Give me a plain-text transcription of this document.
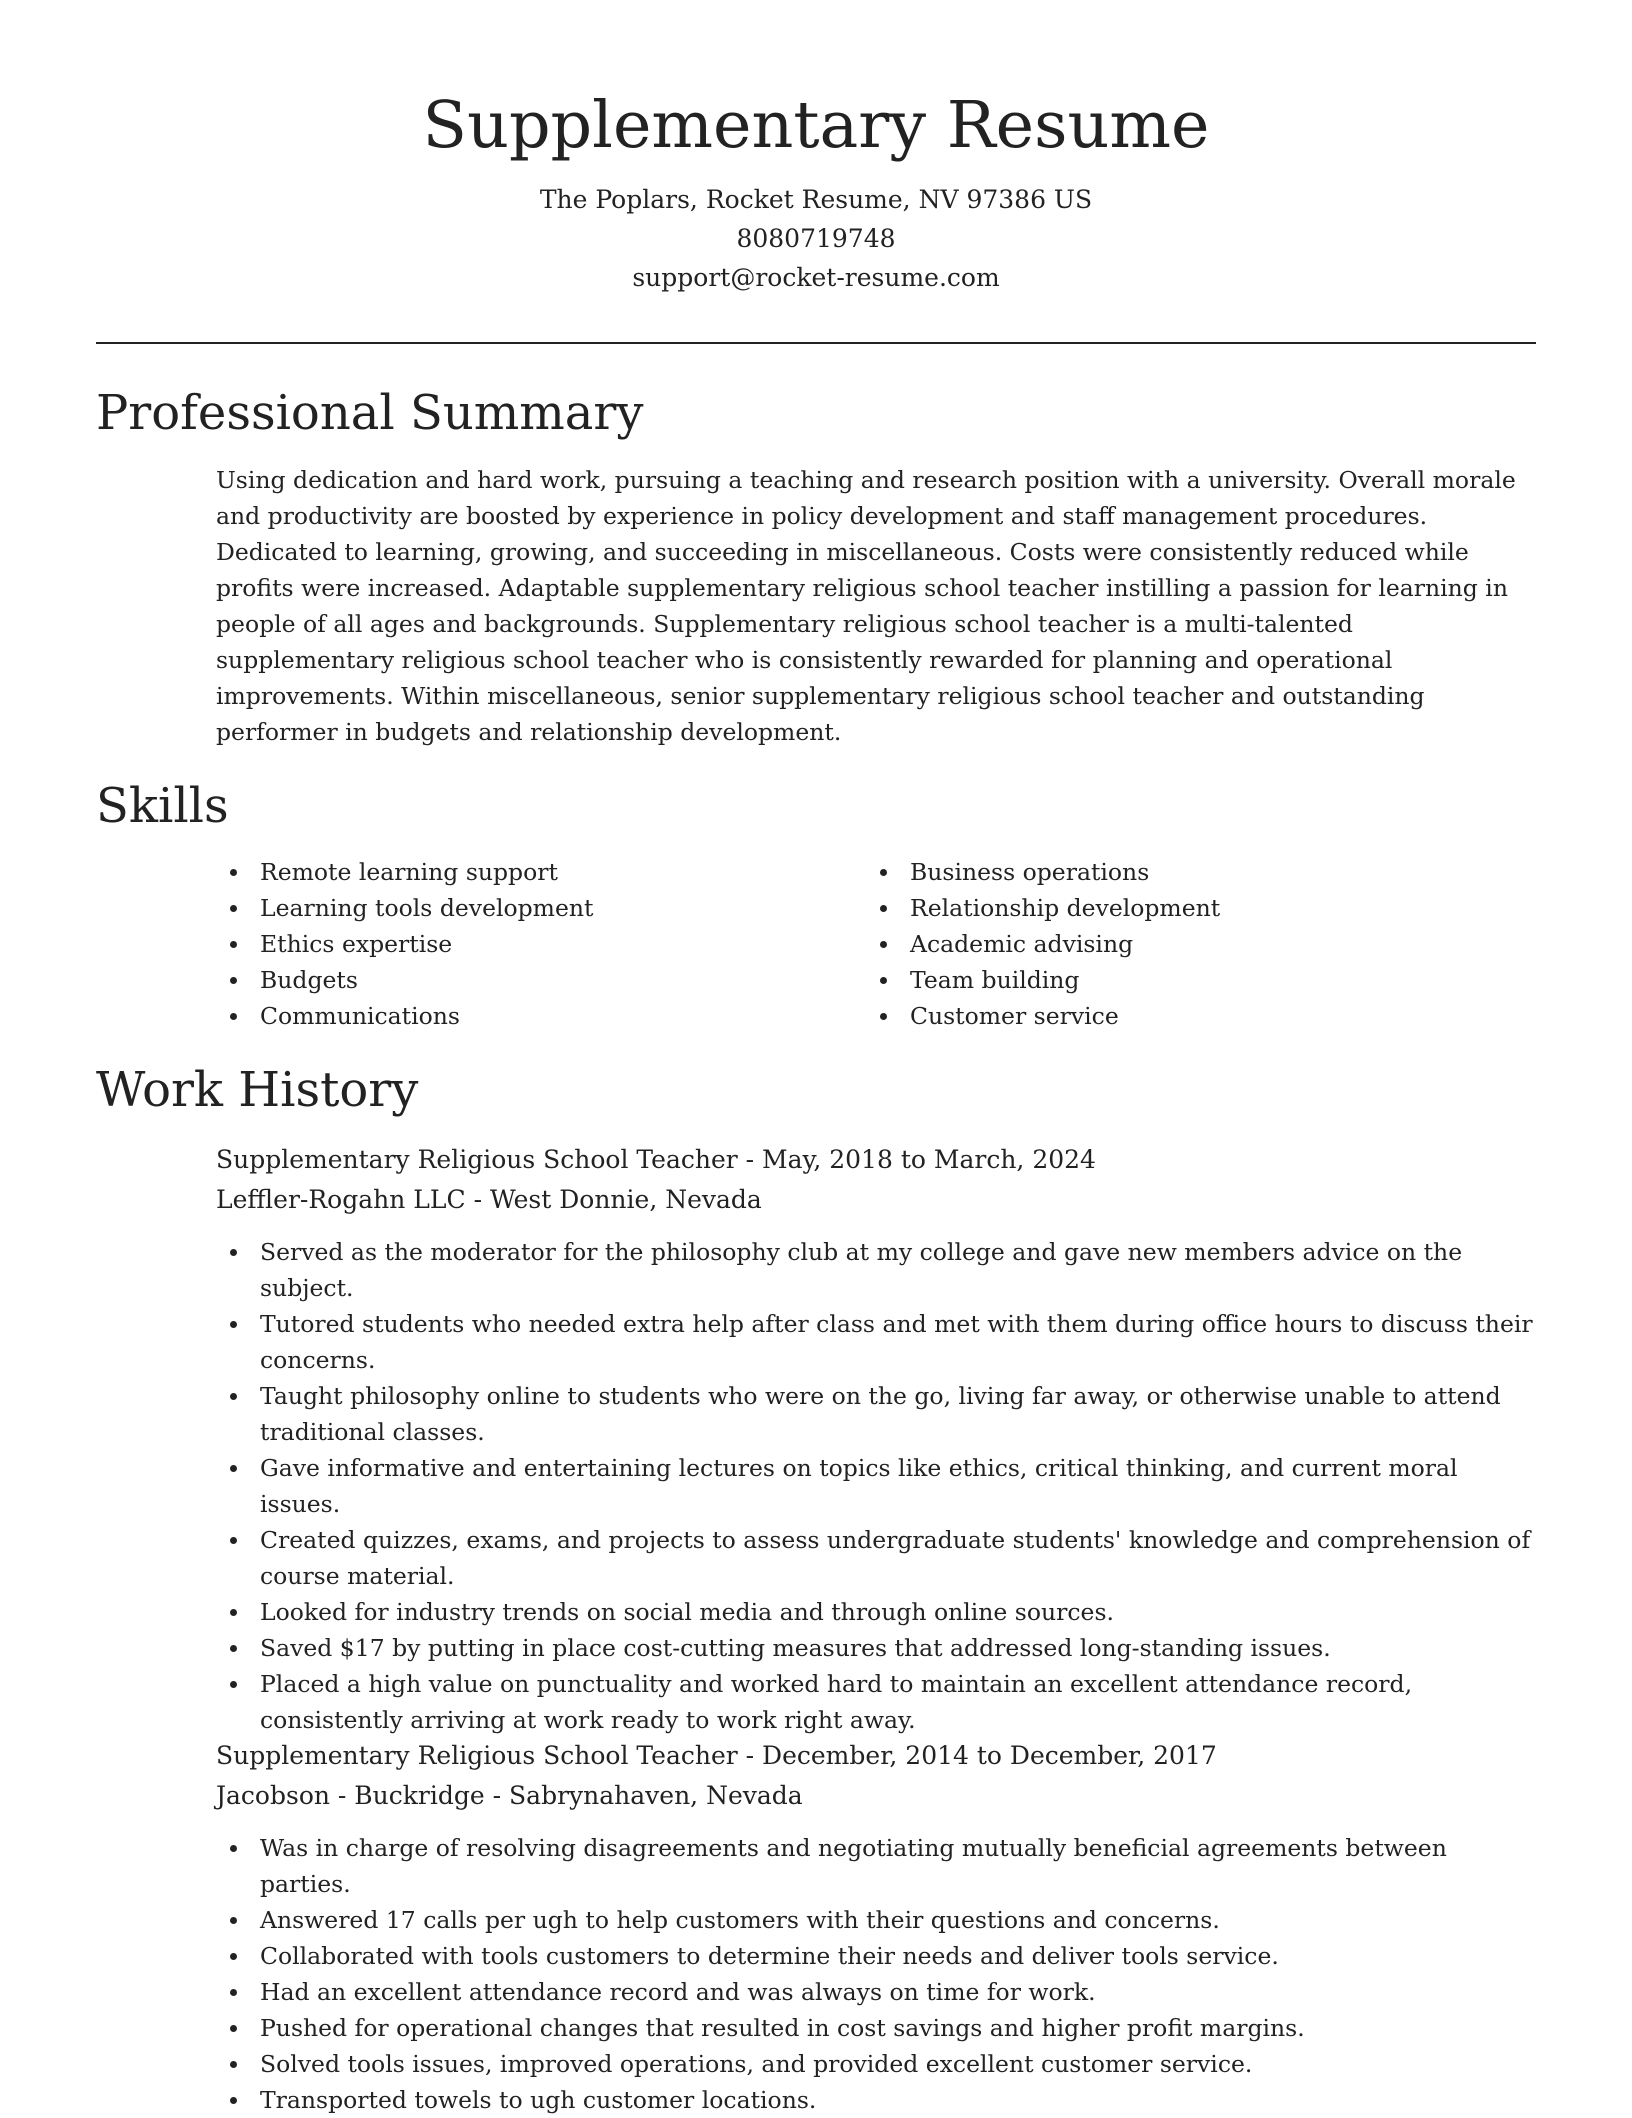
Supplementary Resume

The Poplars, Rocket Resume, NV 97386 US

8080719748

support@rocket-resume.com

Professional Summary

Using dedication and hard work, pursuing a teaching and research position with a university. Overall morale and productivity are boosted by experience in policy development and staff management procedures. Dedicated to learning, growing, and succeeding in miscellaneous. Costs were consistently reduced while profits were increased. Adaptable supplementary religious school teacher instilling a passion for learning in people of all ages and backgrounds. Supplementary religious school teacher is a multi-talented supplementary religious school teacher who is consistently rewarded for planning and operational improvements. Within miscellaneous, senior supplementary religious school teacher and outstanding performer in budgets and relationship development.

Skills
Remote learning support
Learning tools development
Ethics expertise
Budgets
Communications
Business operations
Relationship development
Academic advising
Team building
Customer service
Work History

Supplementary Religious School Teacher - May, 2018 to March, 2024

Leffler-Rogahn LLC - West Donnie, Nevada

Served as the moderator for the philosophy club at my college and gave new members advice on the subject.
Tutored students who needed extra help after class and met with them during office hours to discuss their concerns.
Taught philosophy online to students who were on the go, living far away, or otherwise unable to attend traditional classes.
Gave informative and entertaining lectures on topics like ethics, critical thinking, and current moral issues.
Created quizzes, exams, and projects to assess undergraduate students' knowledge and comprehension of course material.
Looked for industry trends on social media and through online sources.
Saved $17 by putting in place cost-cutting measures that addressed long-standing issues.
Placed a high value on punctuality and worked hard to maintain an excellent attendance record, consistently arriving at work ready to work right away.

Supplementary Religious School Teacher - December, 2014 to December, 2017

Jacobson - Buckridge - Sabrynahaven, Nevada

Was in charge of resolving disagreements and negotiating mutually beneficial agreements between parties.
Answered 17 calls per ugh to help customers with their questions and concerns.
Collaborated with tools customers to determine their needs and deliver tools service.
Had an excellent attendance record and was always on time for work.
Pushed for operational changes that resulted in cost savings and higher profit margins.
Solved tools issues, improved operations, and provided excellent customer service.
Transported towels to ugh customer locations.
